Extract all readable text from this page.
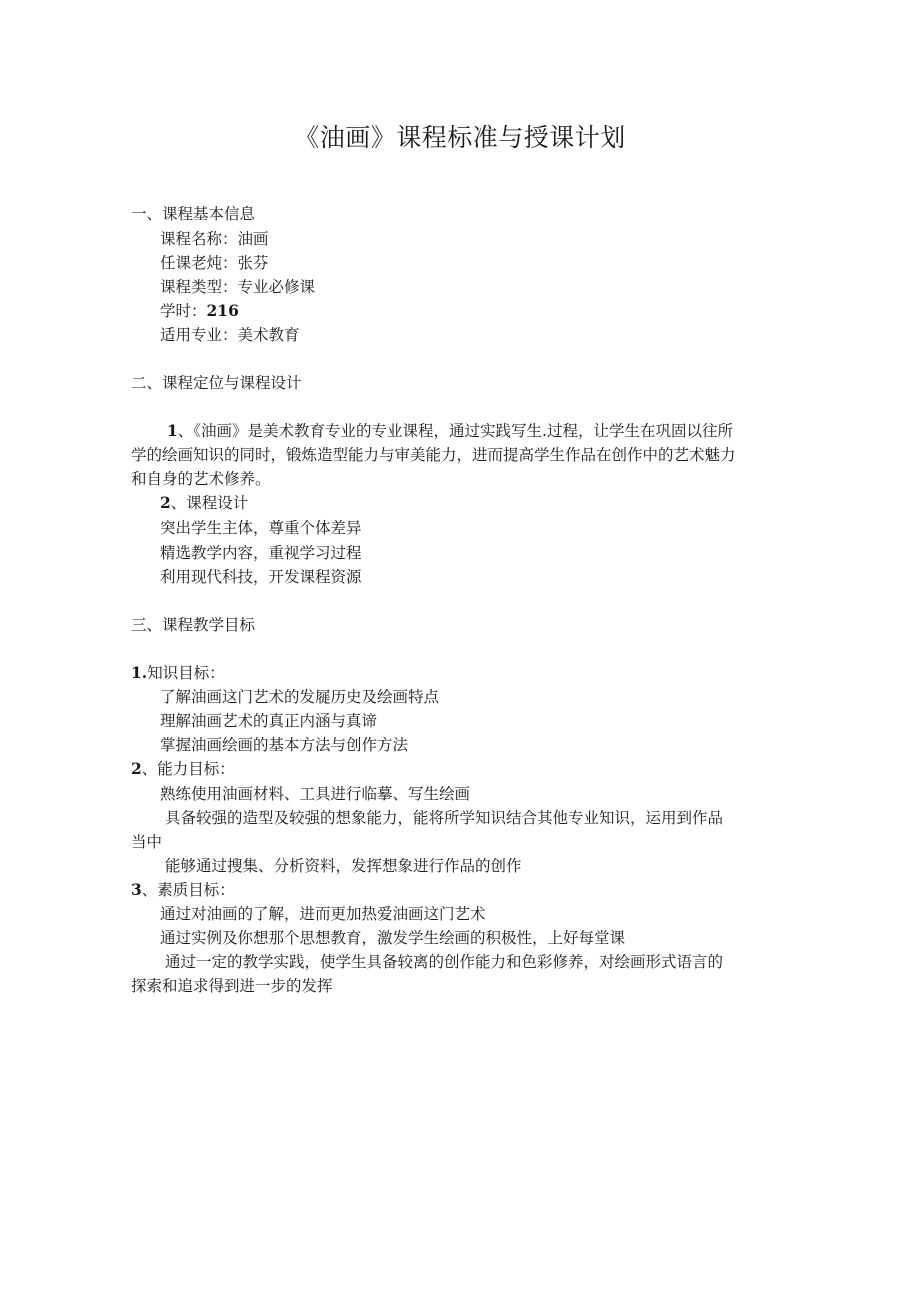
《油画》课程标准与授课计划
一、课程基本信息
课程名称：油画
任课老炖：张芬
课程类型：专业必修课
学时：216
适用专业：美术教育
二、课程定位与课程设计
1、《油画》是美术教育专业的专业课程，通过实践写生.过程，让学生在巩固以往所
学的绘画知识的同时，锻炼造型能力与审美能力，进而提高学生作品在创作中的艺术魅力
和自身的艺术修养。
2、课程设计
突出学生主体，尊重个体差异
精选教学内容，重视学习过程
利用现代科技，开发课程资源
三、课程教学目标
1.知识目标：
了解油画这门艺术的发屣历史及绘画特点
理解油画艺术的真正内涵与真谛
掌握油画绘画的基本方法与创作方法
2、能力目标：
熟练使用油画材料、工具进行临摹、写生绘画
具备较强的造型及较强的想象能力，能将所学知识结合其他专业知识，运用到作品
当中
能够通过搜集、分析资料，发挥想象进行作品的创作
3、素质目标：
通过对油画的了解，进而更加热爱油画这门艺术
通过实例及你想那个思想教育，激发学生绘画的积极性，上好每堂课
通过一定的教学实践，使学生具备较离的创作能力和色彩修养，对绘画形式语言的
探索和追求得到进一步的发挥
